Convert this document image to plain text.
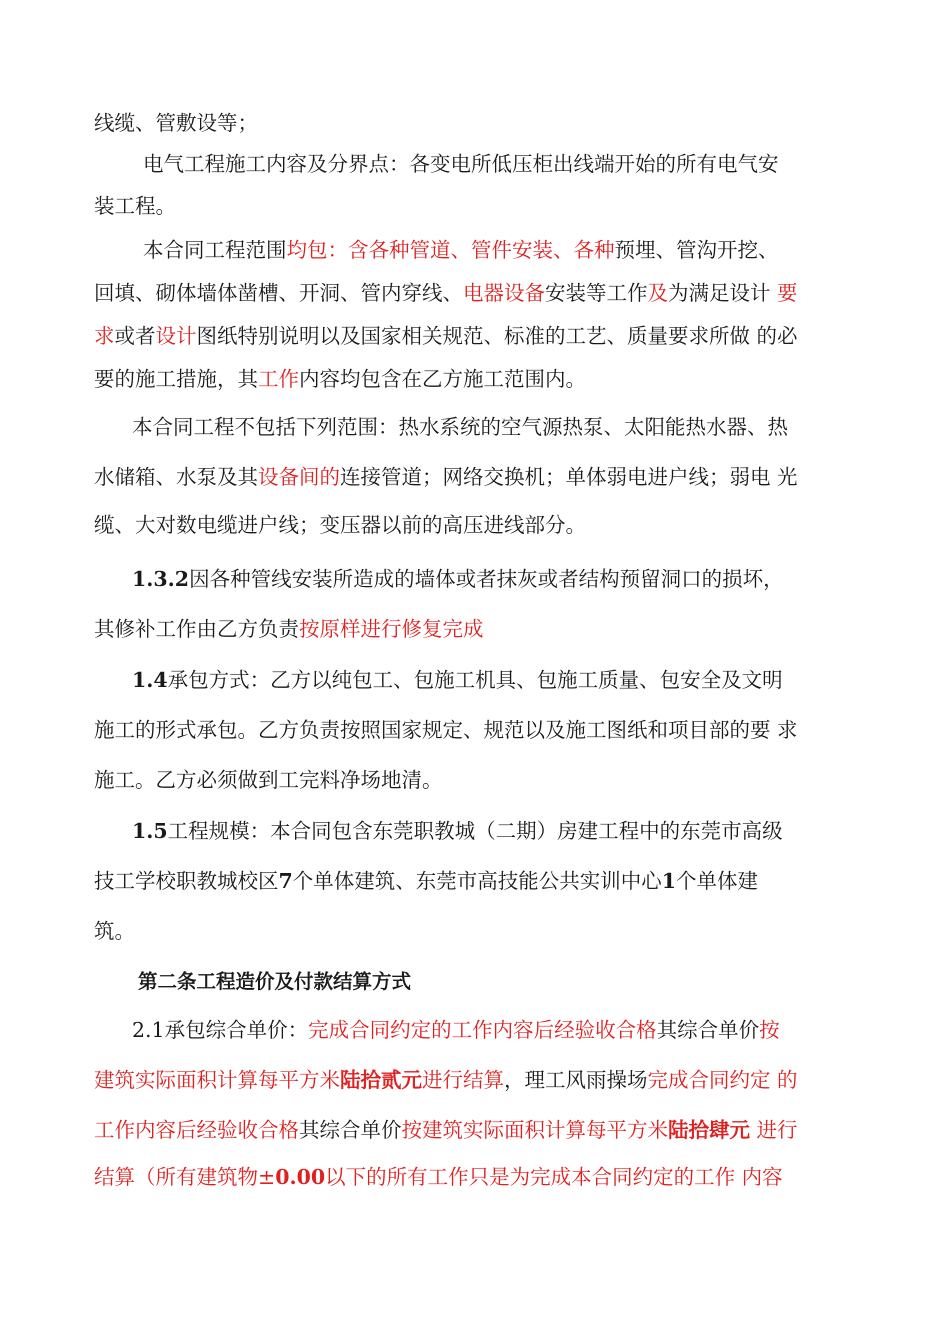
线缆、管敷设等；
电气工程施工内容及分界点：各变电所低压柜出线端开始的所有电气安
装工程。
本合同工程范围均包：含各种管道、管件安装、各种预埋、管沟开挖、
回填、砌体墙体凿槽、开洞、管内穿线、电器设备安装等工作及为满足设计 要
求或者设计图纸特别说明以及国家相关规范、标准的工艺、质量要求所做 的必
要的施工措施，其工作内容均包含在乙方施工范围内。
本合同工程不包括下列范围：热水系统的空气源热泵、太阳能热水器、热
水储箱、水泵及其设备间的连接管道；网络交换机；单体弱电进户线；弱电 光
缆、大对数电缆进户线；变压器以前的高压进线部分。
1.3.2因各种管线安装所造成的墙体或者抹灰或者结构预留洞口的损坏，
其修补工作由乙方负责按原样进行修复完成
1.4承包方式：乙方以纯包工、包施工机具、包施工质量、包安全及文明
施工的形式承包。乙方负责按照国家规定、规范以及施工图纸和项目部的要 求
施工。乙方必须做到工完料净场地清。
1.5工程规模：本合同包含东莞职教城（二期）房建工程中的东莞市高级
技工学校职教城校区7个单体建筑、东莞市高技能公共实训中心1个单体建
筑。
第二条工程造价及付款结算方式
2.1承包综合单价：完成合同约定的工作内容后经验收合格其综合单价按
建筑实际面积计算每平方米陆拾贰元进行结算，理工风雨操场完成合同约定 的
工作内容后经验收合格其综合单价按建筑实际面积计算每平方米陆拾肆元 进行
结算（所有建筑物±0.00以下的所有工作只是为完成本合同约定的工作 内容
